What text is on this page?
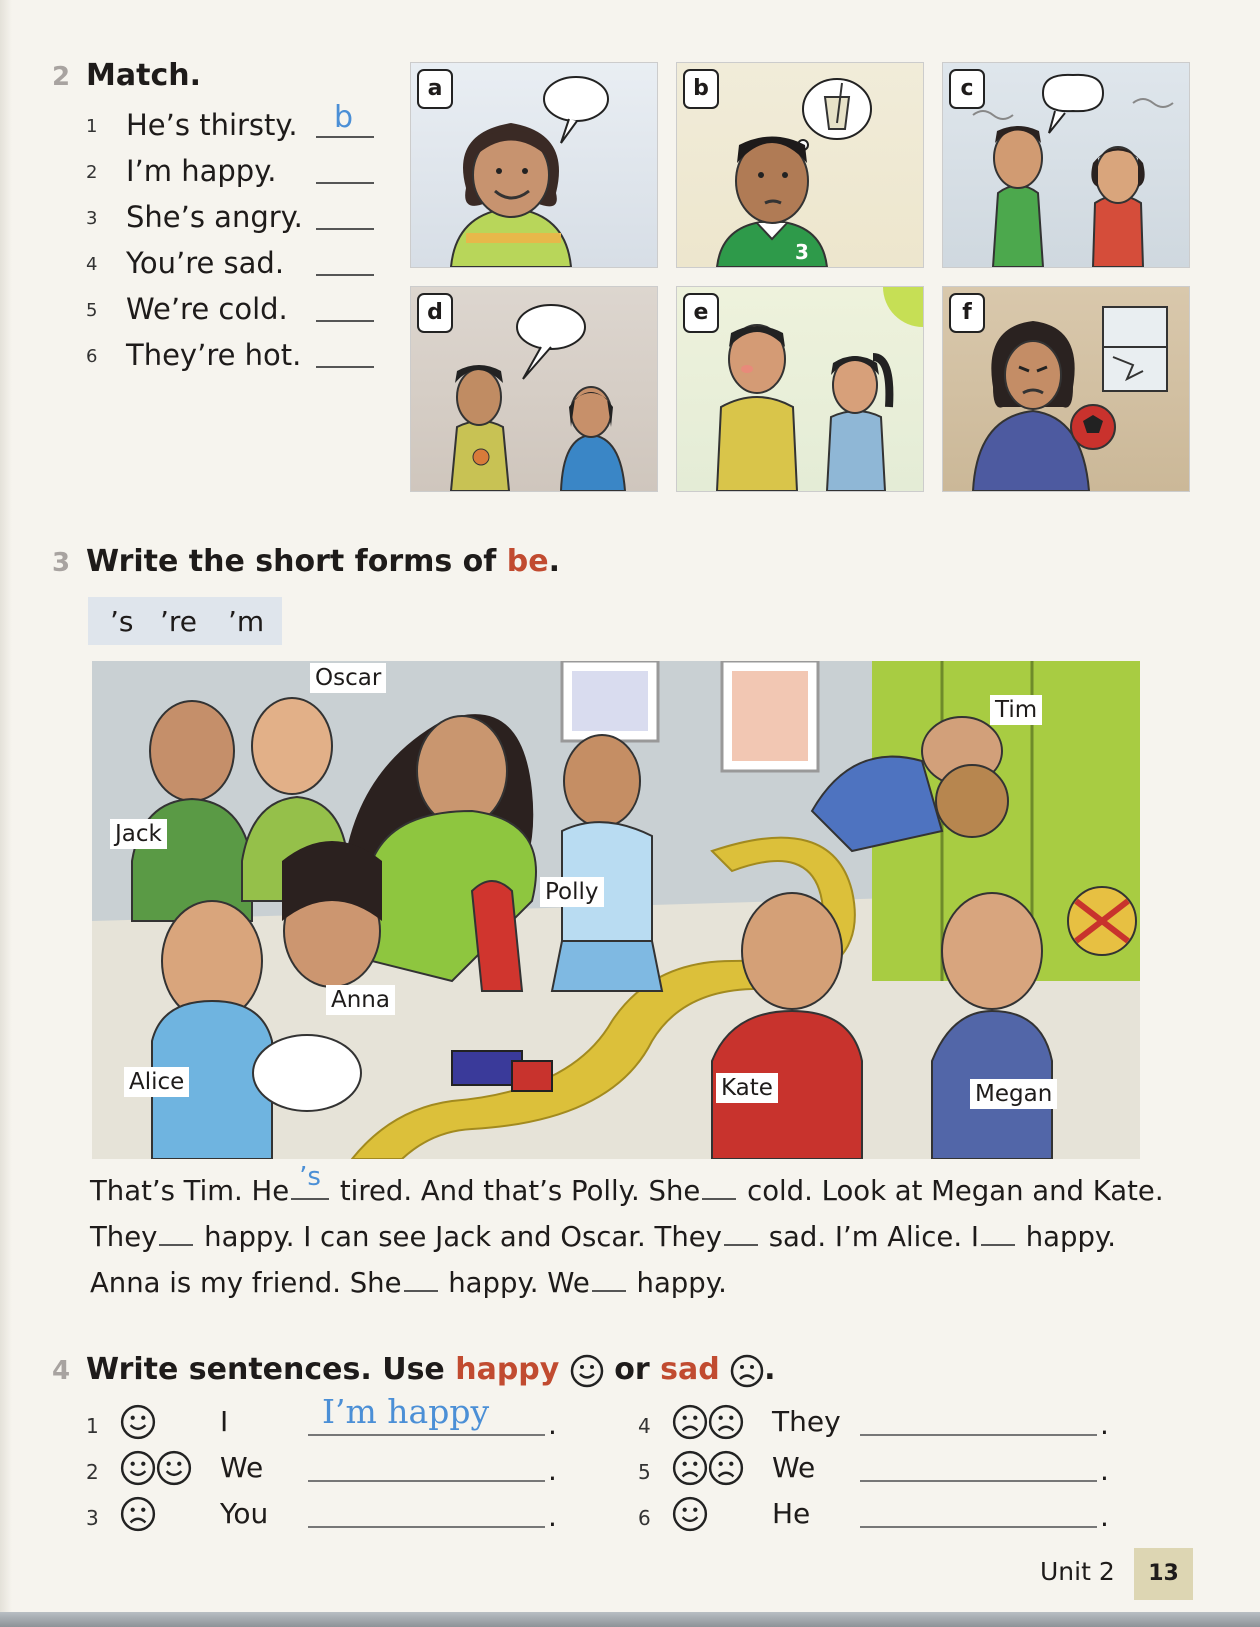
2 Match.
1 He’s thirsty. b
2 I’m happy.
3 She’s angry.
4 You’re sad.
5 We’re cold.
6 They’re hot.
a
3
b	c
d	e	f
3 Write the short forms of be.
’s ’re ’m
Oscar
Tim
Jack
Polly
Anna
Alice	Kate	Megan
That’s Tim. He ’s tired. And that’s Polly. She cold. Look at Megan and Kate.
They happy. I can see Jack and Oscar. They sad. I’m Alice. I happy.
Anna is my friend. She happy. We happy.
4 Write sentences. Use happy or sad .
1	I	I’m happy .
2	We	.
3	You	.
4	They	.
5	We	.
6	He	.
Unit 2	13
